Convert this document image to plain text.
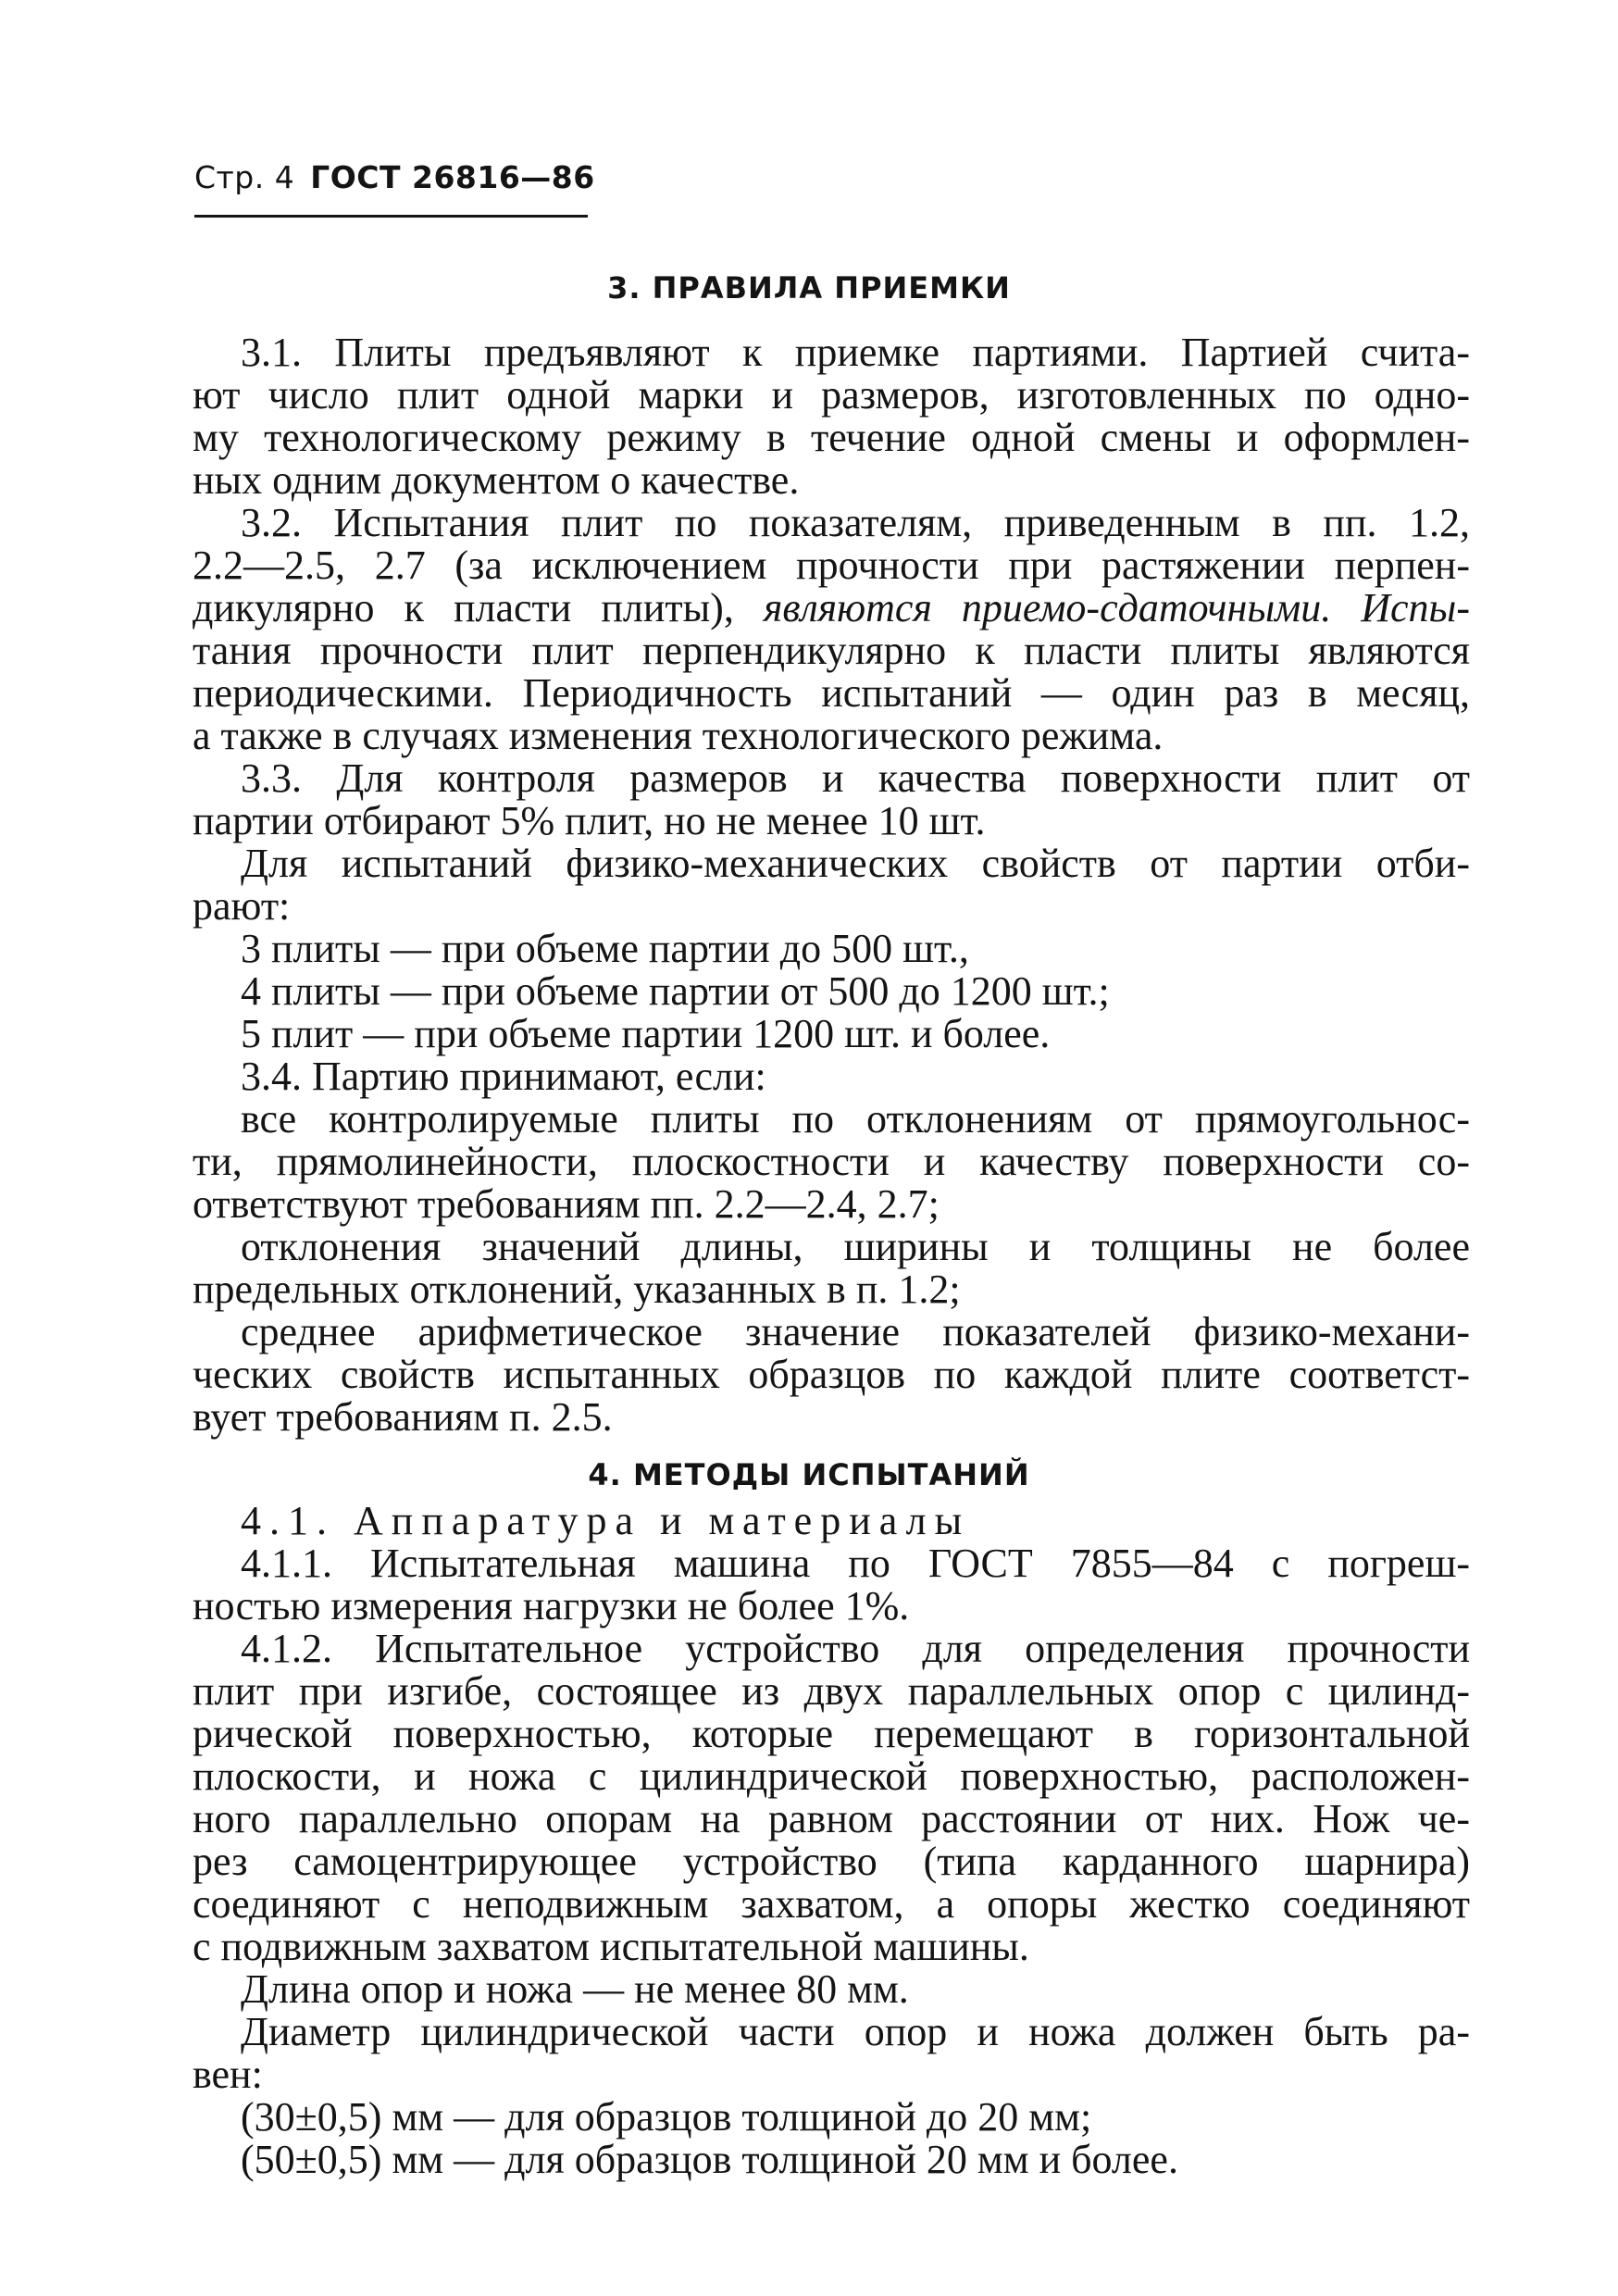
Стр. 4 ГОСТ 26816—86
3. ПРАВИЛА ПРИЕМКИ
3.1. Плиты предъявляют к приемке партиями. Партией счита-
ют число плит одной марки и размеров, изготовленных по одно-
му технологическому режиму в течение одной смены и оформлен-
ных одним документом о качестве.
3.2. Испытания плит по показателям, приведенным в пп. 1.2,
2.2—2.5, 2.7 (за исключением прочности при растяжении перпен-
дикулярно к пласти плиты), являются приемо-сдаточными. Испы-
тания прочности плит перпендикулярно к пласти плиты являются
периодическими. Периодичность испытаний — один раз в месяц,
а также в случаях изменения технологического режима.
3.3. Для контроля размеров и качества поверхности плит от
партии отбирают 5% плит, но не менее 10 шт.
Для испытаний физико-механических свойств от партии отби-
рают:
3 плиты — при объеме партии до 500 шт.,
4 плиты — при объеме партии от 500 до 1200 шт.;
5 плит — при объеме партии 1200 шт. и более.
3.4. Партию принимают, если:
все контролируемые плиты по отклонениям от прямоугольнос-
ти, прямолинейности, плоскостности и качеству поверхности со-
ответствуют требованиям пп. 2.2—2.4, 2.7;
отклонения значений длины, ширины и толщины не более
предельных отклонений, указанных в п. 1.2;
среднее арифметическое значение показателей физико-механи-
ческих свойств испытанных образцов по каждой плите соответст-
вует требованиям п. 2.5.
4. МЕТОДЫ ИСПЫТАНИЙ
4.1. Аппаратура и материалы
4.1.1. Испытательная машина по ГОСТ 7855—84 с погреш-
ностью измерения нагрузки не более 1%.
4.1.2. Испытательное устройство для определения прочности
плит при изгибе, состоящее из двух параллельных опор с цилинд-
рической поверхностью, которые перемещают в горизонтальной
плоскости, и ножа с цилиндрической поверхностью, расположен-
ного параллельно опорам на равном расстоянии от них. Нож че-
рез самоцентрирующее устройство (типа карданного шарнира)
соединяют с неподвижным захватом, а опоры жестко соединяют
с подвижным захватом испытательной машины.
Длина опор и ножа — не менее 80 мм.
Диаметр цилиндрической части опор и ножа должен быть ра-
вен:
(30±0,5) мм — для образцов толщиной до 20 мм;
(50±0,5) мм — для образцов толщиной 20 мм и более.
